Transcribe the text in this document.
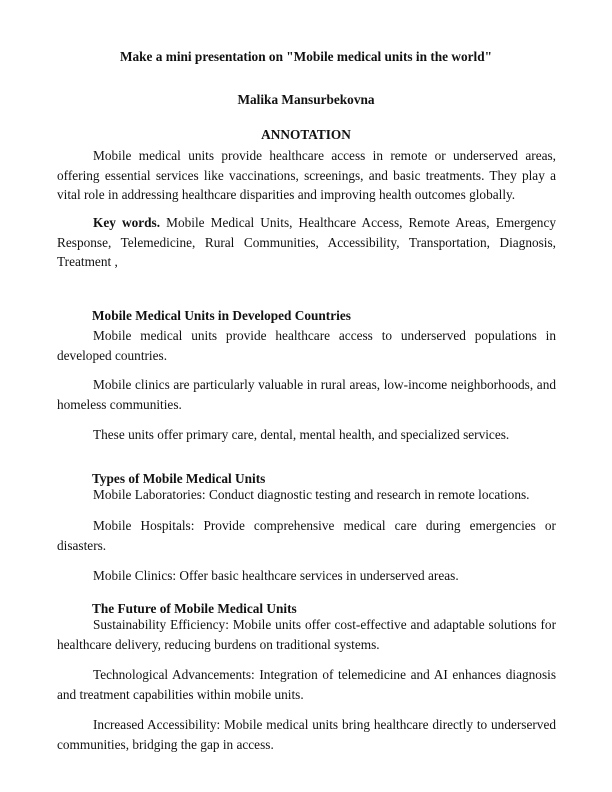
Make a mini presentation on "Mobile medical units in the world"
Malika Mansurbekovna
ANNOTATION

Mobile medical units provide healthcare access in remote or underserved areas, offering essential services like vaccinations, screenings, and basic treatments. They play a vital role in addressing healthcare disparities and improving health outcomes globally.

Key words. Mobile Medical Units, Healthcare Access, Remote Areas, Emergency Response, Telemedicine, Rural Communities, Accessibility, Transportation, Diagnosis, Treatment ,

Mobile Medical Units in Developed Countries

Mobile medical units provide healthcare access to underserved populations in developed countries.

Mobile clinics are particularly valuable in rural areas, low-income neighborhoods, and homeless communities.

These units offer primary care, dental, mental health, and specialized services.

Types of Mobile Medical Units

Mobile Laboratories: Conduct diagnostic testing and research in remote locations.

Mobile Hospitals: Provide comprehensive medical care during emergencies or disasters.

Mobile Clinics: Offer basic healthcare services in underserved areas.

The Future of Mobile Medical Units

Sustainability Efficiency: Mobile units offer cost-effective and adaptable solutions for healthcare delivery, reducing burdens on traditional systems.

Technological Advancements: Integration of telemedicine and AI enhances diagnosis and treatment capabilities within mobile units.

Increased Accessibility: Mobile medical units bring healthcare directly to underserved communities, bridging the gap in access.
